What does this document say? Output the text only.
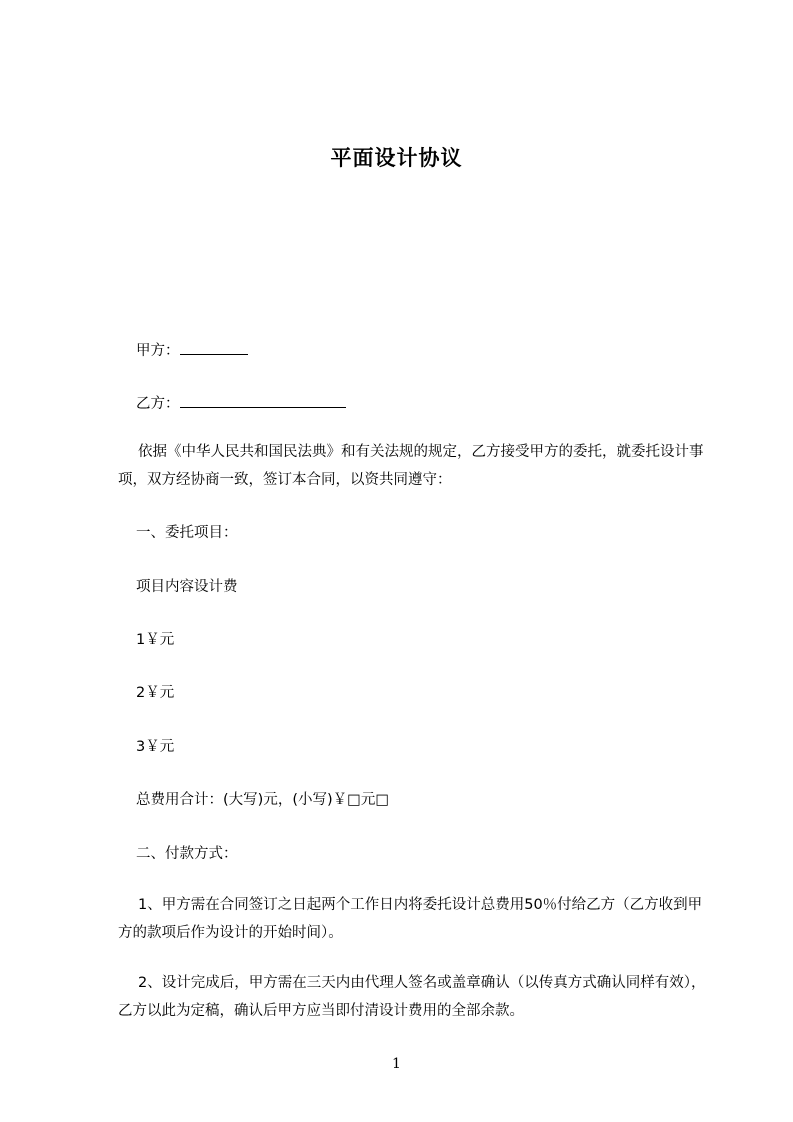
平面设计协议
甲方：
乙方：
依据《中华人民共和国民法典》和有关法规的规定，乙方接受甲方的委托，就委托设计事项，双方经协商一致，签订本合同，以资共同遵守：
一、委托项目：
项目内容设计费
1￥元
2￥元
3￥元
总费用合计：(大写)元，(小写)￥□元□
二、付款方式：
1、甲方需在合同签订之日起两个工作日内将委托设计总费用50％付给乙方（乙方收到甲方的款项后作为设计的开始时间）。
2、设计完成后，甲方需在三天内由代理人签名或盖章确认（以传真方式确认同样有效），乙方以此为定稿，确认后甲方应当即付清设计费用的全部余款。
1
